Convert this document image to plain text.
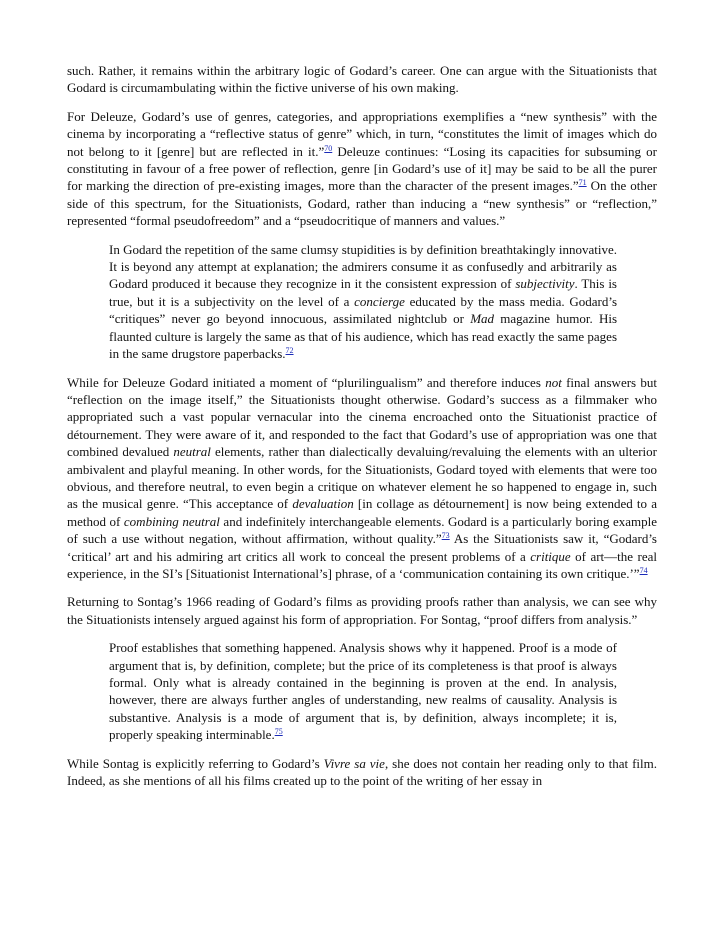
such. Rather, it remains within the arbitrary logic of Godard’s career. One can argue with the Situationists that Godard is circumambulating within the fictive universe of his own making.

For Deleuze, Godard’s use of genres, categories, and appropriations exemplifies a “new synthesis” with the cinema by incorporating a “reflective status of genre” which, in turn, “constitutes the limit of images which do not belong to it [genre] but are reflected in it.”$^{70}$ Deleuze continues: “Losing its capacities for subsuming or constituting in favour of a free power of reflection, genre [in Godard’s use of it] may be said to be all the purer for marking the direction of pre-existing images, more than the character of the present images.”$^{71}$ On the other side of this spectrum, for the Situationists, Godard, rather than inducing a “new synthesis” or “reflection,” represented “formal pseudofreedom” and a “pseudocritique of manners and values.”

In Godard the repetition of the same clumsy stupidities is by definition breathtakingly innovative. It is beyond any attempt at explanation; the admirers consume it as confusedly and arbitrarily as Godard produced it because they recognize in it the consistent expression of subjectivity. This is true, but it is a subjectivity on the level of a concierge educated by the mass media. Godard’s “critiques” never go beyond innocuous, assimilated nightclub or Mad magazine humor. His flaunted culture is largely the same as that of his audience, which has read exactly the same pages in the same drugstore paperbacks.$^{72}$

While for Deleuze Godard initiated a moment of “plurilingualism” and therefore induces not final answers but “reflection on the image itself,” the Situationists thought otherwise. Godard’s success as a filmmaker who appropriated such a vast popular vernacular into the cinema encroached onto the Situationist practice of détournement. They were aware of it, and responded to the fact that Godard’s use of appropriation was one that combined devalued neutral elements, rather than dialectically devaluing/revaluing the elements with an ulterior ambivalent and playful meaning. In other words, for the Situationists, Godard toyed with elements that were too obvious, and therefore neutral, to even begin a critique on whatever element he so happened to engage in, such as the musical genre. “This acceptance of devaluation [in collage as détournement] is now being extended to a method of combining neutral and indefinitely interchangeable elements. Godard is a particularly boring example of such a use without negation, without affirmation, without quality.”$^{73}$ As the Situationists saw it, “Godard’s ‘critical’ art and his admiring art critics all work to conceal the present problems of a critique of art—the real experience, in the SI’s [Situationist International’s] phrase, of a ‘communication containing its own critique.’”$^{74}$

Returning to Sontag’s 1966 reading of Godard’s films as providing proofs rather than analysis, we can see why the Situationists intensely argued against his form of appropriation. For Sontag, “proof differs from analysis.”

Proof establishes that something happened. Analysis shows why it happened. Proof is a mode of argument that is, by definition, complete; but the price of its completeness is that proof is always formal. Only what is already contained in the beginning is proven at the end. In analysis, however, there are always further angles of understanding, new realms of causality. Analysis is substantive. Analysis is a mode of argument that is, by definition, always incomplete; it is, properly speaking interminable.$^{75}$

While Sontag is explicitly referring to Godard’s Vivre sa vie, she does not contain her reading only to that film. Indeed, as she mentions of all his films created up to the point of the writing of her essay in
